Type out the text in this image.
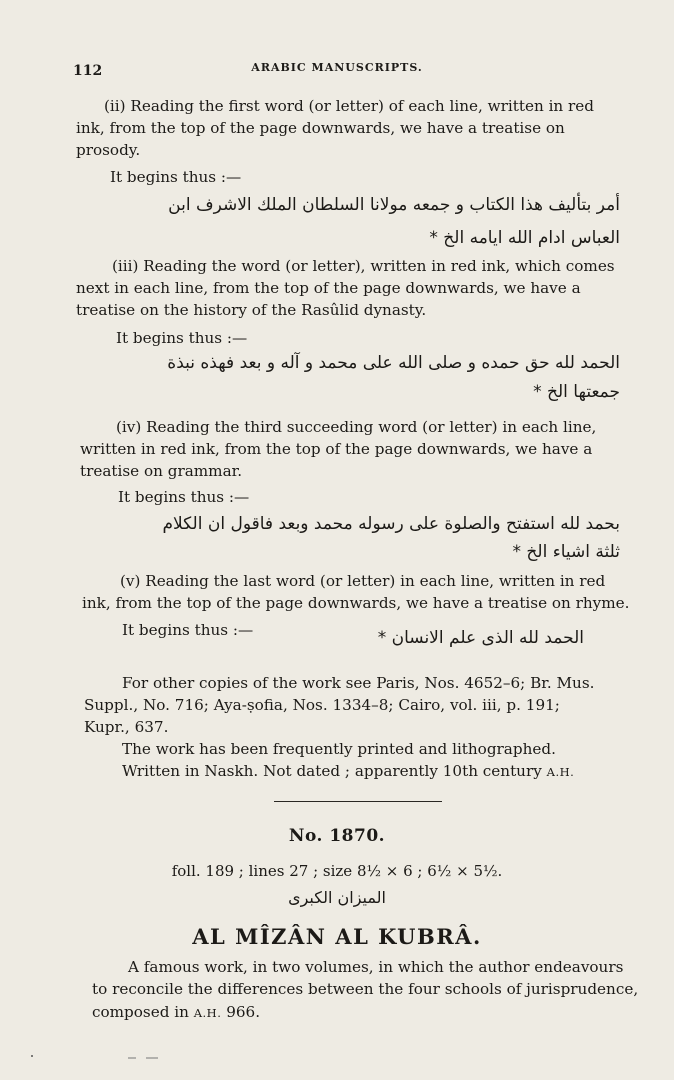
112	ARABIC MANUSCRIPTS.
(ii) Reading the first word (or letter) of each line, written in red
ink, from the top of the page downwards, we have a treatise on
prosody.
It begins thus :—
أمر بتأليف هذا الكتاب و جمعه مولانا السلطان الملك الاشرف ابن
العباس ادام الله ايامه الخ *
(iii) Reading the word (or letter), written in red ink, which comes
next in each line, from the top of the page downwards, we have a
treatise on the history of the Rasûlid dynasty.
It begins thus :—
الحمد لله حق حمده و صلى الله على محمد و آله و بعد فهذه نبذة
جمعتها الخ *
(iv) Reading the third succeeding word (or letter) in each line,
written in red ink, from the top of the page downwards, we have a
treatise on grammar.
It begins thus :—
بحمد لله استفتح والصلوة على رسوله محمد وبعد فاقول ان الكلام
ثلثة اشياء الخ *
(v) Reading the last word (or letter) in each line, written in red
ink, from the top of the page downwards, we have a treatise on rhyme.
It begins thus :—	الحمد لله الذى علم الانسان *
For other copies of the work see Paris, Nos. 4652–6; Br. Mus.
Suppl., No. 716; Aya-ṣofia, Nos. 1334–8; Cairo, vol. iii, p. 191;
Kupr., 637.
The work has been frequently printed and lithographed.
Written in Naskh. Not dated ; apparently 10th century A.H.
No. 1870.
foll. 189 ; lines 27 ; size 8½ × 6 ; 6½ × 5½.
الميزان الكبرى
AL MÎZÂN AL KUBRÂ.
A famous work, in two volumes, in which the author endeavours
to reconcile the differences between the four schools of jurisprudence,
composed in A.H. 966.
